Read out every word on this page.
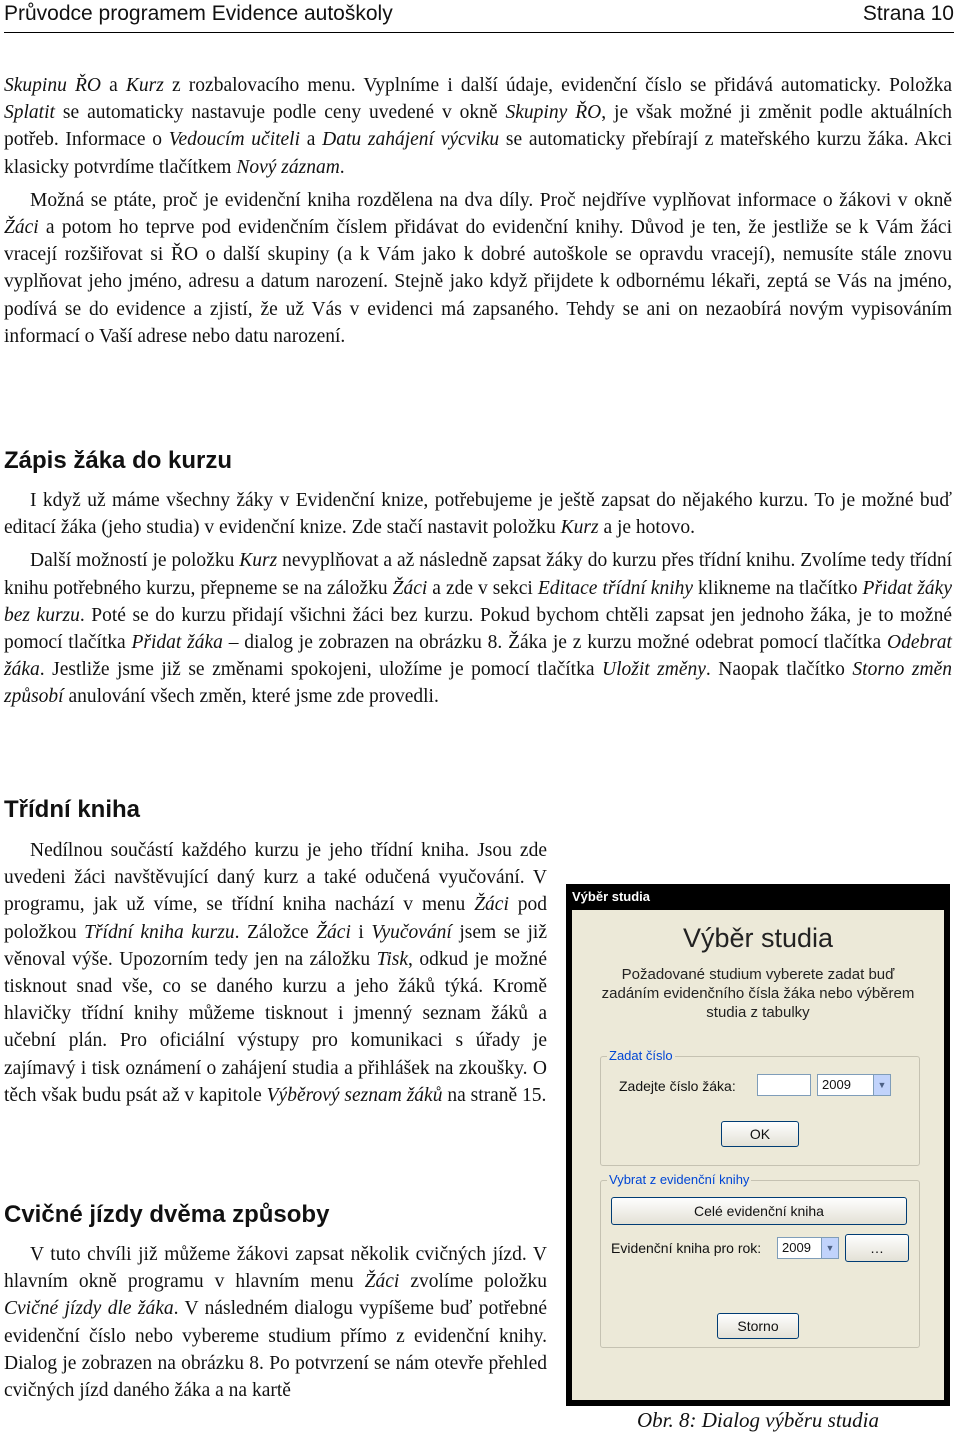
Průvodce programem Evidence autoškoly	Strana 10

Skupinu ŘO a Kurz z rozbalovacího menu. Vyplníme i další údaje, evidenční číslo se přidává automaticky. Položka Splatit se automaticky nastavuje podle ceny uvedené v okně Skupiny ŘO, je však možné ji změnit podle aktuálních potřeb. Informace o Vedoucím učiteli a Datu zahájení výcviku se automaticky přebírají z mateřského kurzu žáka. Akci klasicky potvrdíme tlačítkem Nový záznam.

Možná se ptáte, proč je evidenční kniha rozdělena na dva díly. Proč nejdříve vyplňovat informace o žákovi v okně Žáci a potom ho teprve pod evidenčním číslem přidávat do evidenční knihy. Důvod je ten, že jestliže se k Vám žáci vracejí rozšiřovat si ŘO o další skupiny (a k Vám jako k dobré autoškole se opravdu vracejí), nemusíte stále znovu vyplňovat jeho jméno, adresu a datum narození. Stejně jako když přijdete k odbornému lékaři, zeptá se Vás na jméno, podívá se do evidence a zjistí, že už Vás v evidenci má zapsaného. Tehdy se ani on nezaobírá novým vypisováním informací o Vaší adrese nebo datu narození.

Zápis žáka do kurzu

I když už máme všechny žáky v Evidenční knize, potřebujeme je ještě zapsat do nějakého kurzu. To je možné buď editací žáka (jeho studia) v evidenční knize. Zde stačí nastavit položku Kurz a je hotovo.

Další možností je položku Kurz nevyplňovat a až následně zapsat žáky do kurzu přes třídní knihu. Zvolíme tedy třídní knihu potřebného kurzu, přepneme se na záložku Žáci a zde v sekci Editace třídní knihy klikneme na tlačítko Přidat žáky bez kurzu. Poté se do kurzu přidají všichni žáci bez kurzu. Pokud bychom chtěli zapsat jen jednoho žáka, je to možné pomocí tlačítka Přidat žáka – dialog je zobrazen na obrázku 8. Žáka je z kurzu možné odebrat pomocí tlačítka Odebrat žáka. Jestliže jsme již se změnami spokojeni, uložíme je pomocí tlačítka Uložit změny. Naopak tlačítko Storno změn způsobí anulování všech změn, které jsme zde provedli.

Třídní kniha

Nedílnou součástí každého kurzu je jeho třídní kniha. Jsou zde uvedeni žáci navštěvující daný kurz a také odučená vyučování. V programu, jak už víme, se třídní kniha nachází v menu Žáci pod položkou Třídní kniha kurzu. Záložce Žáci i Vyučování jsem se již věnoval výše. Upozorním tedy jen na záložku Tisk, odkud je možné tisknout snad vše, co se daného kurzu a jeho žáků týká. Kromě hlavičky třídní knihy můžeme tisknout i jmenný seznam žáků a učební plán. Pro oficiální výstupy pro komunikaci s úřady je zajímavý i tisk oznámení o zahájení studia a přihlášek na zkoušky. O těch však budu psát až v kapitole Výběrový seznam žáků na straně 15.

Cvičné jízdy dvěma způsoby

V tuto chvíli již můžeme žákovi zapsat několik cvičných jízd. V hlavním okně programu v hlavním menu Žáci zvolíme položku Cvičné jízdy dle žáka. V následném dialogu vypíšeme buď potřebné evidenční číslo nebo vybereme studium přímo z evidenční knihy. Dialog je zobrazen na obrázku 8. Po potvrzení se nám otevře přehled cvičných jízd daného žáka a na kartě

Výběr studia
Výběr studia
Požadované studium vyberete zadat buď zadáním evidenčního čísla žáka nebo výběrem studia z tabulky
Zadat číslo
Zadejte číslo žáka:	2009	▼
OK
Vybrat z evidenční knihy
Celé evidenční kniha
Evidenční kniha pro rok:	2009	▼	…
Storno
Obr. 8: Dialog výběru studia
